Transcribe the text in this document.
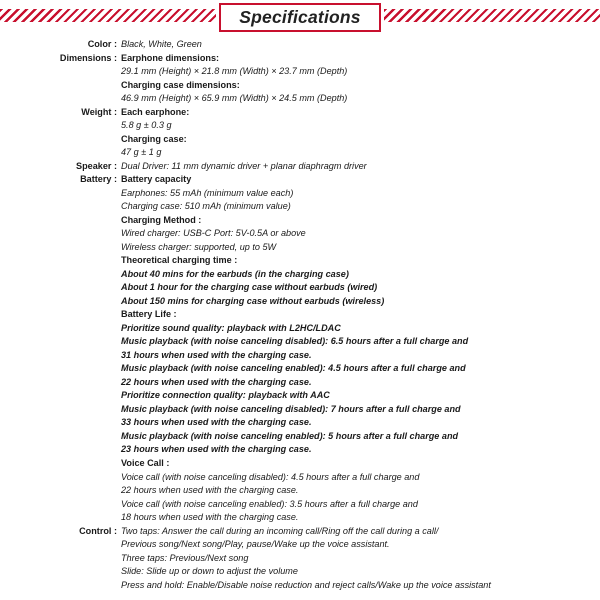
Specifications
Color : Black, White, Green
Dimensions : Earphone dimensions:
29.1 mm (Height) × 21.8 mm (Width) × 23.7 mm (Depth)
Charging case dimensions:
46.9 mm (Height) × 65.9 mm (Width) × 24.5 mm (Depth)
Weight : Each earphone:
5.8 g ± 0.3 g
Charging case:
47 g ± 1 g
Speaker : Dual Driver: 11 mm dynamic driver + planar diaphragm driver
Battery : Battery capacity
Earphones: 55 mAh (minimum value each)
Charging case: 510 mAh (minimum value)
Charging Method :
Wired charger: USB-C Port: 5V-0.5A or above
Wireless charger: supported, up to 5W
Theoretical charging time :
About 40 mins for the earbuds (in the charging case)
About 1 hour for the charging case without earbuds (wired)
About 150 mins for charging case without earbuds (wireless)
Battery Life :
Prioritize sound quality: playback with L2HC/LDAC
Music playback (with noise canceling disabled): 6.5 hours after a full charge and
31 hours when used with the charging case.
Music playback (with noise canceling enabled): 4.5 hours after a full charge and
22 hours when used with the charging case.
Prioritize connection quality: playback with AAC
Music playback (with noise canceling disabled): 7 hours after a full charge and
33 hours when used with the charging case.
Music playback (with noise canceling enabled): 5 hours after a full charge and
23 hours when used with the charging case.
Voice Call :
Voice call (with noise canceling disabled): 4.5 hours after a full charge and
22 hours when used with the charging case.
Voice call (with noise canceling enabled): 3.5 hours after a full charge and
18 hours when used with the charging case.
Control : Two taps: Answer the call during an incoming call/Ring off the call during a call/
Previous song/Next song/Play, pause/Wake up the voice assistant.
Three taps: Previous/Next song
Slide: Slide up or down to adjust the volume
Press and hold: Enable/Disable noise reduction and reject calls/Wake up the voice assistant
